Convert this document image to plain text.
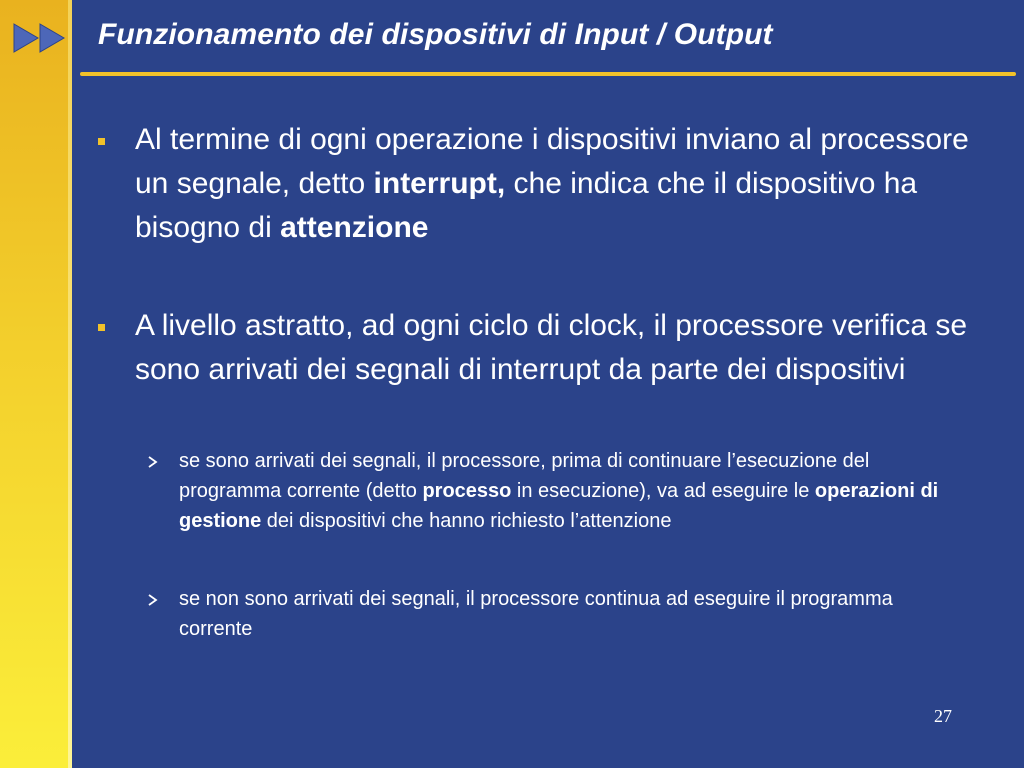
Funzionamento dei dispositivi di Input / Output
Al termine di ogni operazione i dispositivi inviano al processore un segnale, detto interrupt, che indica che il dispositivo ha bisogno di attenzione
A livello astratto, ad ogni ciclo di clock, il processore verifica se sono arrivati dei segnali di interrupt da parte dei dispositivi
se sono arrivati dei segnali, il processore, prima di continuare l’esecuzione del programma corrente (detto processo in esecuzione), va ad eseguire le operazioni di gestione dei dispositivi che hanno richiesto l’attenzione
se non sono arrivati dei segnali, il processore continua ad eseguire il programma corrente
27
